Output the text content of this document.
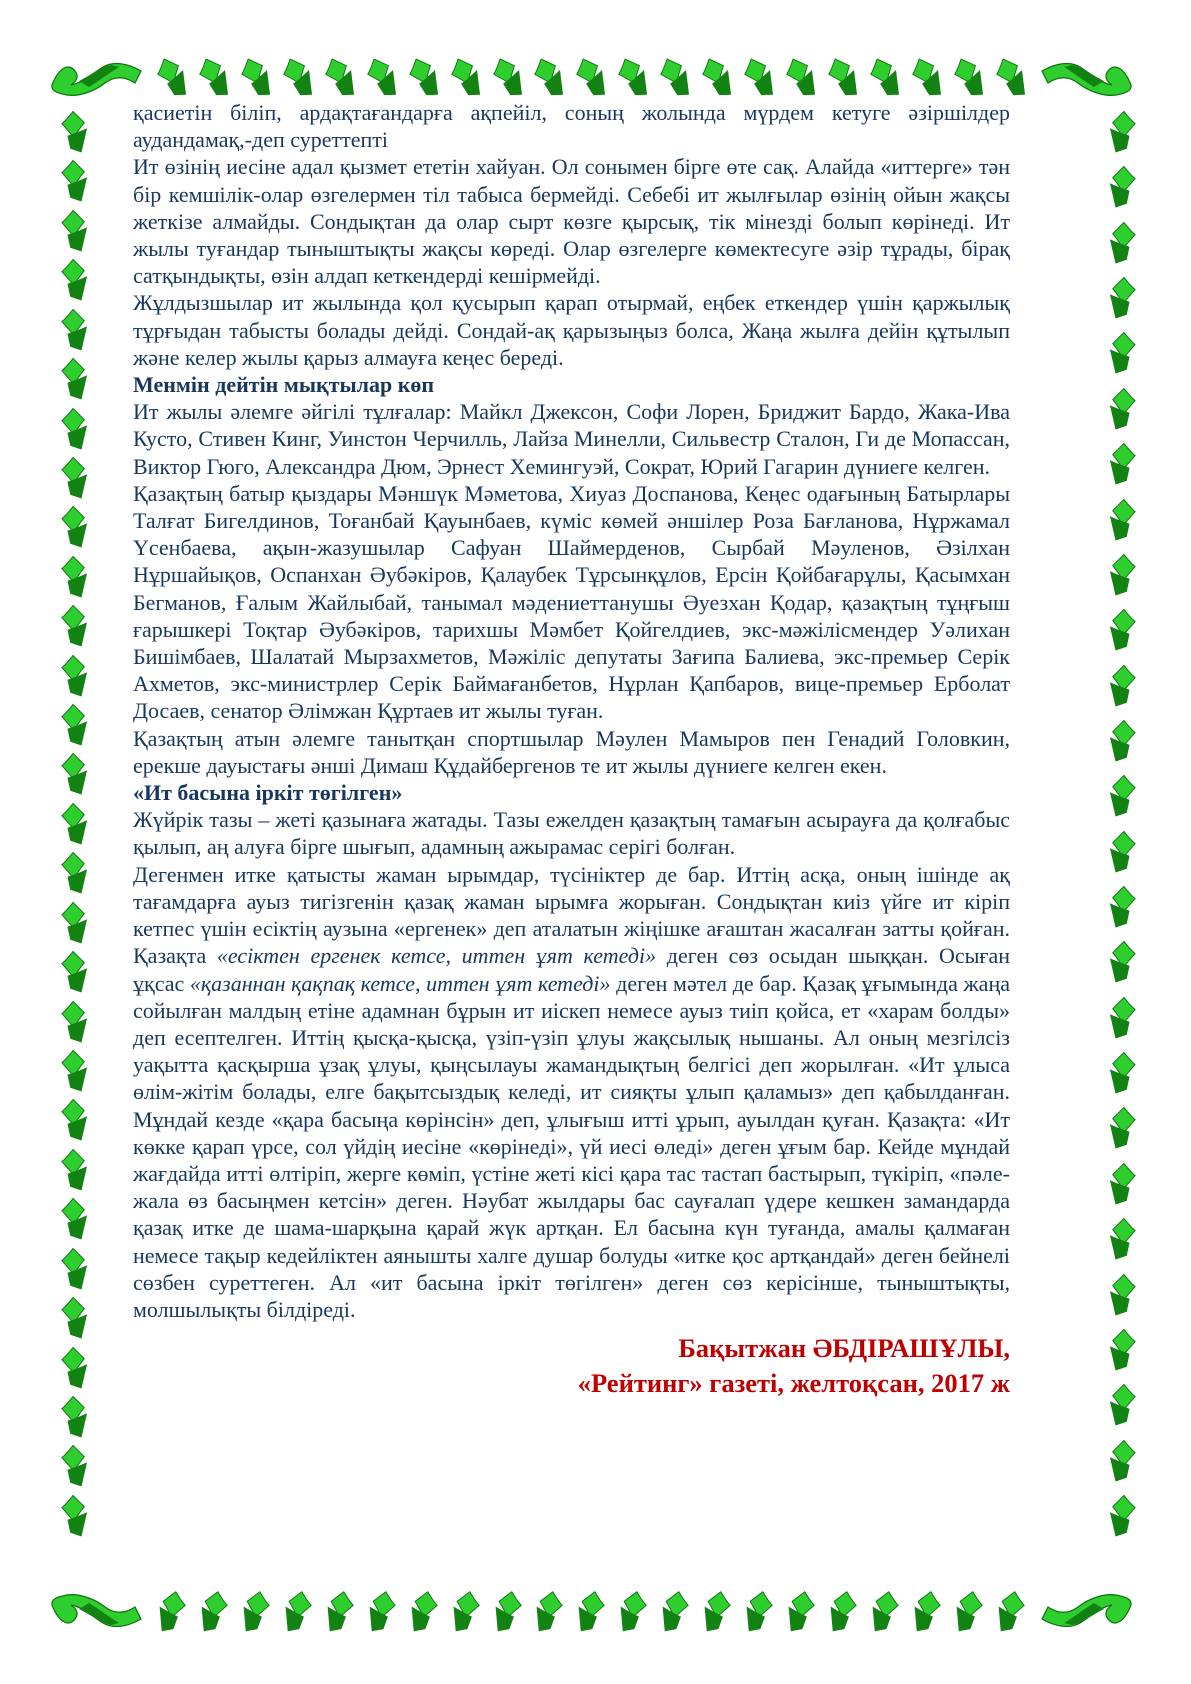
қасиетін біліп, ардақтағандарға ақпейіл, соның жолында мүрдем кетуге әзіршілдер аудандамақ,-деп суреттепті

Ит өзінің иесіне адал қызмет ететін хайуан. Ол сонымен бірге өте сақ. Алайда «иттерге» тән бір кемшілік-олар өзгелермен тіл табыса бермейді. Себебі ит жылғылар өзінің ойын жақсы жеткізе алмайды. Сондықтан да олар сырт көзге қырсық, тік мінезді болып көрінеді. Ит жылы туғандар тыныштықты жақсы көреді. Олар өзгелерге көмектесуге әзір тұрады, бірақ сатқындықты, өзін алдап кеткендерді кешірмейді.

Жұлдызшылар ит жылында қол қусырып қарап отырмай, еңбек еткендер үшін қаржылық тұрғыдан табысты болады дейді. Сондай-ақ қарызыңыз болса, Жаңа жылға дейін құтылып және келер жылы қарыз алмауға кеңес береді.

Менмін дейтін мықтылар көп

Ит жылы әлемге әйгілі тұлғалар: Майкл Джексон, Софи Лорен, Бриджит Бардо, Жака-Ива Кусто, Стивен Кинг, Уинстон Черчилль, Лайза Минелли, Сильвестр Сталон, Ги де Мопассан, Виктор Гюго, Александра Дюм, Эрнест Хемингуэй, Сократ, Юрий Гагарин дүниеге келген.

Қазақтың батыр қыздары Мәншүк Мәметова, Хиуаз Доспанова, Кеңес одағының Батырлары Талғат Бигелдинов, Тоғанбай Қауынбаев, күміс көмей әншілер Роза Бағланова, Нұржамал Үсенбаева, ақын-жазушылар Сафуан Шаймерденов, Сырбай Мәуленов, Әзілхан Нұршайықов, Оспанхан Әубәкіров, Қалаубек Тұрсынқұлов, Ерсін Қойбағарұлы, Қасымхан Бегманов, Ғалым Жайлыбай, танымал мәдениеттанушы Әуезхан Қодар, қазақтың тұңғыш ғарышкері Тоқтар Әубәкіров, тарихшы Мәмбет Қойгелдиев, экс-мәжілісмендер Уәлихан Бишімбаев, Шалатай Мырзахметов, Мәжіліс депутаты Зағипа Балиева, экс-премьер Серік Ахметов, экс-министрлер Серік Баймағанбетов, Нұрлан Қапбаров, вице-премьер Ерболат Досаев, сенатор Әлімжан Құртаев ит жылы туған.

Қазақтың атын әлемге танытқан спортшылар Мәулен Мамыров пен Генадий Головкин, ерекше дауыстағы әнші Димаш Құдайбергенов те ит жылы дүниеге келген екен.

«Ит басына іркіт төгілген»

Жүйрік тазы – жеті қазынаға жатады. Тазы ежелден қазақтың тамағын асырауға да қолғабыс қылып, аң алуға бірге шығып, адамның ажырамас серігі болған.

Дегенмен итке қатысты жаман ырымдар, түсініктер де бар. Иттің асқа, оның ішінде ақ тағамдарға ауыз тигізгенін қазақ жаман ырымға жорыған. Сондықтан киіз үйге ит кіріп кетпес үшін есіктің аузына «ергенек» деп аталатын жіңішке ағаштан жасалған затты қойған. Қазақта «есіктен ергенек кетсе, иттен ұят кетеді» деген сөз осыдан шыққан. Осыған ұқсас «қазаннан қақпақ кетсе, иттен ұят кетеді» деген мәтел де бар. Қазақ ұғымында жаңа сойылған малдың етіне адамнан бұрын ит иіскеп немесе ауыз тиіп қойса, ет «харам болды» деп есептелген. Иттің қысқа-қысқа, үзіп-үзіп ұлуы жақсылық нышаны. Ал оның мезгілсіз уақытта қасқырша ұзақ ұлуы, қыңсылауы жамандықтың белгісі деп жорылған. «Ит ұлыса өлім-жітім болады, елге бақытсыздық келеді, ит сияқты ұлып қаламыз» деп қабылданған. Мұндай кезде «қара басыңа көрінсін» деп, ұлығыш итті ұрып, ауылдан қуған. Қазақта: «Ит көкке қарап үрсе, сол үйдің иесіне «көрінеді», үй иесі өледі» деген ұғым бар. Кейде мұндай жағдайда итті өлтіріп, жерге көміп, үстіне жеті кісі қара тас тастап бастырып, түкіріп, «пәле-жала өз басыңмен кетсін» деген. Нәубат жылдары бас сауғалап үдере кешкен замандарда қазақ итке де шама-шарқына қарай жүк артқан. Ел басына күн туғанда, амалы қалмаған немесе тақыр кедейліктен аянышты халге душар болуды «итке қос артқандай» деген бейнелі сөзбен суреттеген. Ал «ит басына іркіт төгілген» деген сөз керісінше, тыныштықты, молшылықты білдіреді.

Бақытжан ӘБДІРАШҰЛЫ,

«Рейтинг» газеті, желтоқсан, 2017 ж
